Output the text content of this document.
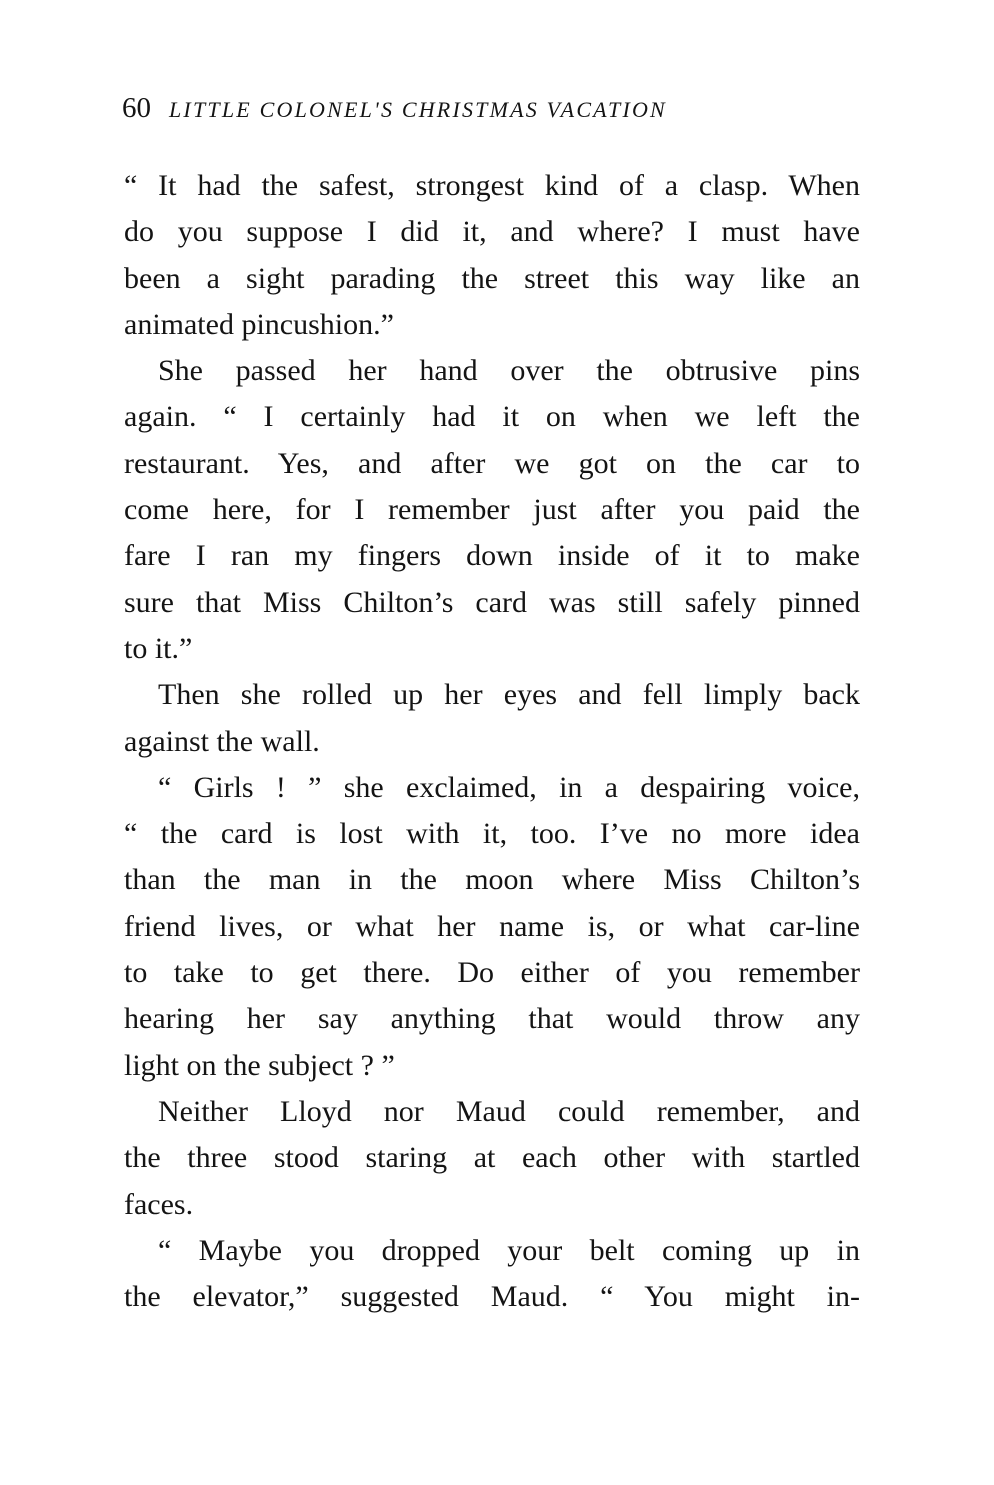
60 LITTLE COLONEL'S CHRISTMAS VACATION
“ It had the safest, strongest kind of a clasp. When
do you suppose I did it, and where? I must have
been a sight parading the street this way like an
animated pincushion.”
She passed her hand over the obtrusive pins
again. “ I certainly had it on when we left the
restaurant. Yes, and after we got on the car to
come here, for I remember just after you paid the
fare I ran my fingers down inside of it to make
sure that Miss Chilton’s card was still safely pinned
to it.”
Then she rolled up her eyes and fell limply back
against the wall.
“ Girls ! ” she exclaimed, in a despairing voice,
“ the card is lost with it, too. I’ve no more idea
than the man in the moon where Miss Chilton’s
friend lives, or what her name is, or what car-line
to take to get there. Do either of you remember
hearing her say anything that would throw any
light on the subject ? ”
Neither Lloyd nor Maud could remember, and
the three stood staring at each other with startled
faces.
“ Maybe you dropped your belt coming up in
the elevator,” suggested Maud. “ You might in-
